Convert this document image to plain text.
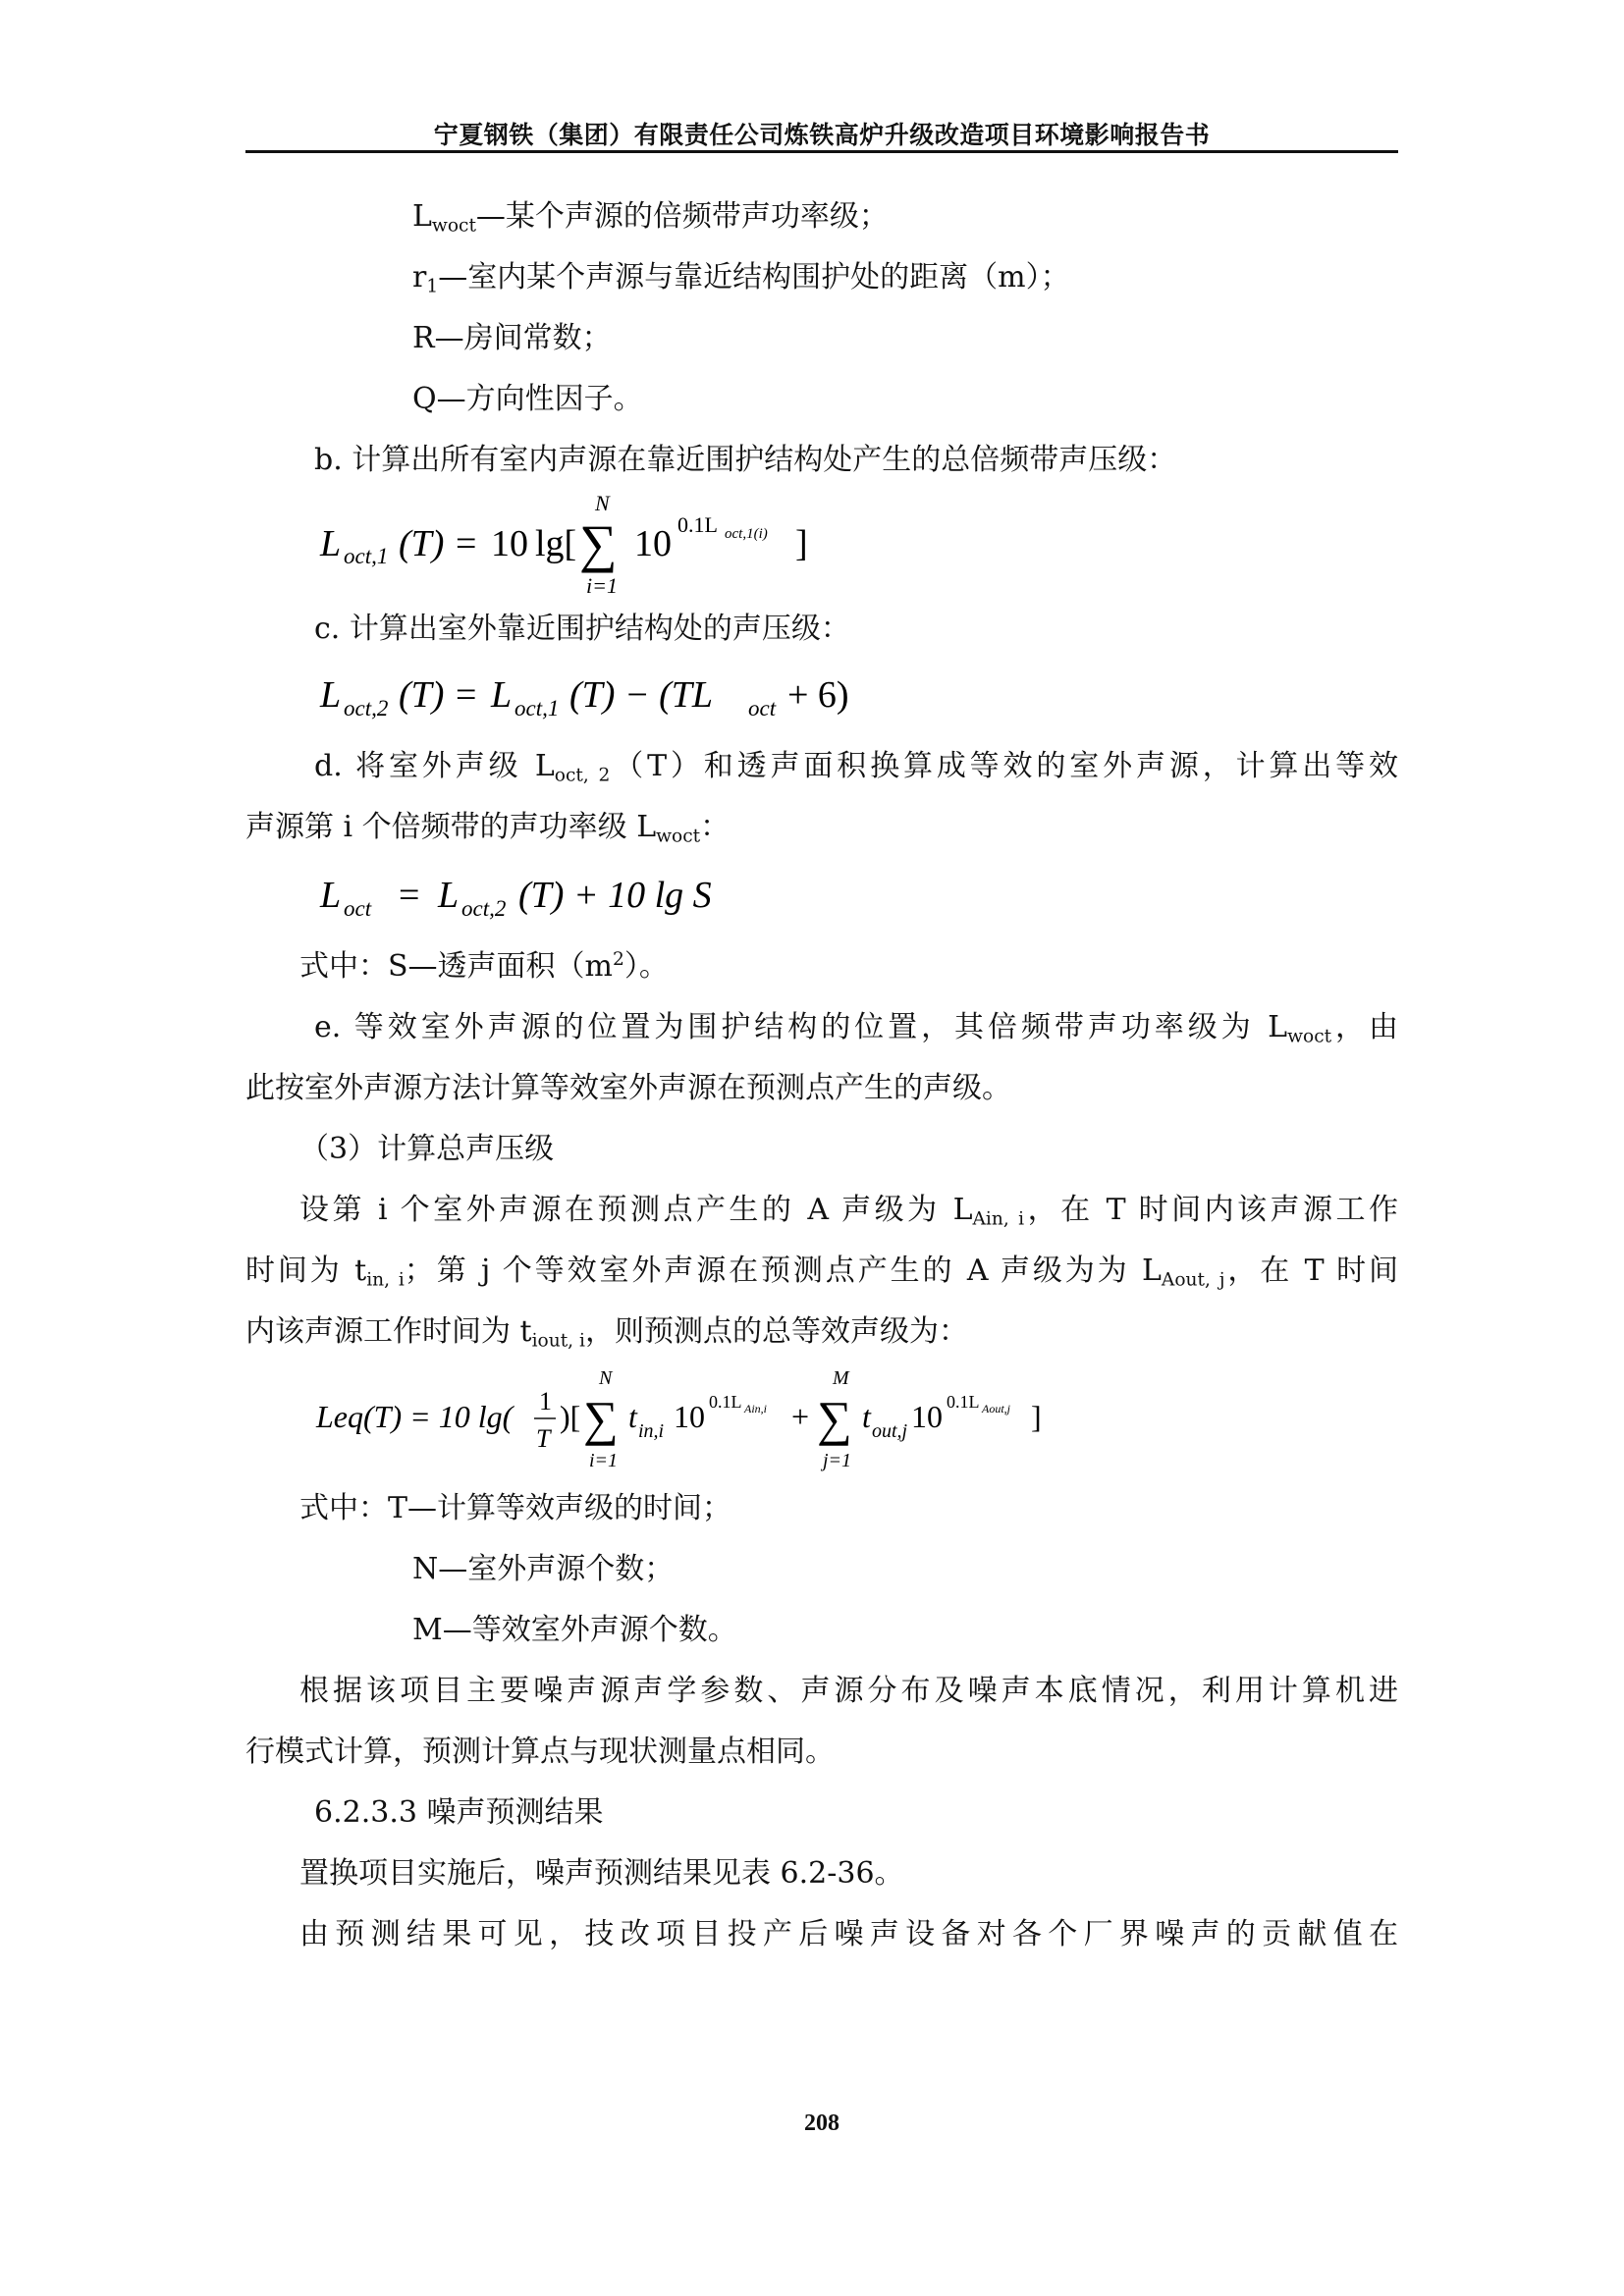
宁夏钢铁（集团）有限责任公司炼铁高炉升级改造项目环境影响报告书
$L_{woct}—$某个声源的倍频带声功率级；
$r_1—$室内某个声源与靠近结构围护处的距离（m）；
R—房间常数；
Q—方向性因子。
b. 计算出所有室内声源在靠近围护结构处产生的总倍频带声压级：
L oct,1 (T) = 10 lg[
N
∑
i=1
10 0.1L oct,1(i) ]
c. 计算出室外靠近围护结构处的声压级：
L oct,2 (T) = L oct,1 (T) − (TL oct + 6)
d. 将室外声级 $L_{oct, 2}(T)$和透声面积换算成等效的室外声源，计算出等效
声源第 i 个倍频带的声功率级 $L_{woct}$：
L oct = L oct,2 (T) + 10 lg S
式中：S—透声面积$(m^2)$。
e. 等效室外声源的位置为围护结构的位置，其倍频带声功率级为 $L_{woct}$，由
此按室外声源方法计算等效室外声源在预测点产生的声级。
（3）计算总声压级
设第 i 个室外声源在预测点产生的 A 声级为 $L_{Ain, i}$，在 T 时间内该声源工作
时间为 $t_{in, i}$；第 j 个等效室外声源在预测点产生的 A 声级为为 $L_{Aout, j}$，在 T 时间
内该声源工作时间为 $t_{iout, i}$，则预测点的总等效声级为：
Leq(T) = 10 lg( 1
T
)[
N
∑
i=1
t in,i 10 0.1L Ain,i +
M
∑
j=1
t out,j 10 0.1L Aout,j ]
式中：T—计算等效声级的时间；
N—室外声源个数；
M—等效室外声源个数。
根据该项目主要噪声源声学参数、声源分布及噪声本底情况，利用计算机进
行模式计算，预测计算点与现状测量点相同。
6.2.3.3 噪声预测结果
置换项目实施后，噪声预测结果见表 6.2-36。
由预测结果可见，技改项目投产后噪声设备对各个厂界噪声的贡献值在
208
